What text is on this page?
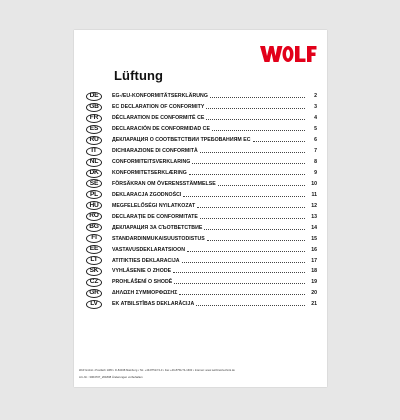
Lüftung
DE	EG-/EU-KONFORMITÄTSERKLÄRUNG	2
GB	EC DECLARATION OF CONFORMITY	3
FR	DÉCLARATION DE CONFORMITÉ CE	4
ES	DECLARACIÓN DE CONFORMIDAD CE	5
RU	ДЕКЛАРАЦИЯ О СООТВЕТСТВИИ ТРЕБОВАНИЯМ ЕС	6
IT	DICHIARAZIONE DI CONFORMITÀ	7
NL	CONFORMITEITSVERKLARING	8
DK	KONFORMITETSERKLÆRING	9
SE	FÖRSÄKRAN OM ÖVERENSSTÄMMELSE	10
PL	DEKLARACJA ZGODNOŚCI	11
HU	MEGFELELŐSÉGI NYILATKOZAT	12
RO	DECLARAȚIE DE CONFORMITATE	13
BG	ДЕКЛАРАЦИЯ ЗА СЪОТВЕТСТВИЕ	14
FI	STANDARDINMUKAISUUSTODISTUS	15
EE	VASTAVUSDEKLARATSIOON	16
LT	ATITIKTIES DEKLARACIJA	17
SK	VYHLÁSENIE O ZHODE	18
CZ	PROHLÁŠENÍ O SHODĚ	19
GR	ΔΗΛΩΣΗ ΣΥΜΜΟΡΦΩΣΗΣ	20
LV	EK ATBILSTĪBAS DEKLARĀCIJA	21
Wolf GmbH • Postfach 1380 • D-84048 Mainburg • Tel. +49-8751/74-0 • Fax +49-8751/74-1600 • Internet: www.wolf-heiztechnik.de
Art.-Nr.: 3064707_201808 Änderungen vorbehalten
